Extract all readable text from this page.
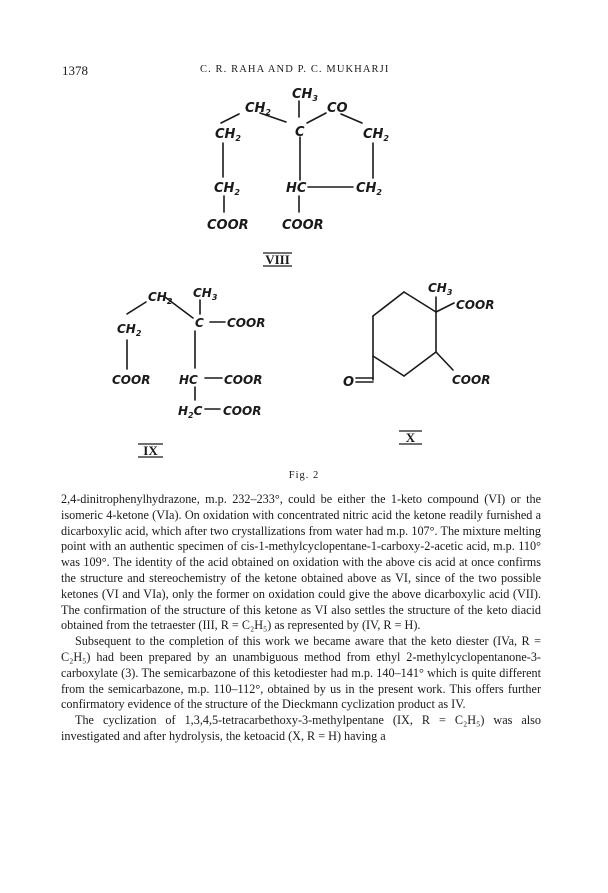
1378	C. R. RAHA AND P. C. MUKHARJI
$CH_3$
$CH_2$	CO
$CH_2$	C	$CH_2$
$CH_2$	HC	$CH_2$
COOR	COOR
VIII
$CH_3$
$CH_2$
$CH_2$
C COOR
COOR HC COOR
$H_2C$ COOR
IX
$CH_3$
COOR
O	COOR
X
Fig. 2

2,4-dinitrophenylhydrazone, m.p. 232–233°, could be either the 1-keto compound (VI) or the isomeric 4-ketone (VIa). On oxidation with concentrated nitric acid the ketone readily furnished a dicarboxylic acid, which after two crystallizations from water had m.p. 107°. The mixture melting point with an authentic specimen of cis-1-methylcyclopentane-1-carboxy-2-acetic acid, m.p. 110° was 109°. The identity of the acid obtained on oxidation with the above cis acid at once confirms the structure and stereochemistry of the ketone obtained above as VI, since of the two possible ketones (VI and VIa), only the former on oxidation could give the above dicarboxylic acid (VII). The confirmation of the structure of this ketone as VI also settles the structure of the keto diacid obtained from the tetraester (III, R = C₂H₅) as represented by (IV, R = H).

Subsequent to the completion of this work we became aware that the keto diester (IVa, R = C₂H₅) had been prepared by an unambiguous method from ethyl 2-methylcyclopentanone-3-carboxylate (3). The semicarbazone of this ketodiester had m.p. 140–141° which is quite different from the semicarbazone, m.p. 110–112°, obtained by us in the present work. This offers further confirmatory evidence of the structure of the Dieckmann cyclization product as IV.

The cyclization of 1,3,4,5-tetracarbethoxy-3-methylpentane (IX, R = C₂H₅) was also investigated and after hydrolysis, the ketoacid (X, R = H) having a
